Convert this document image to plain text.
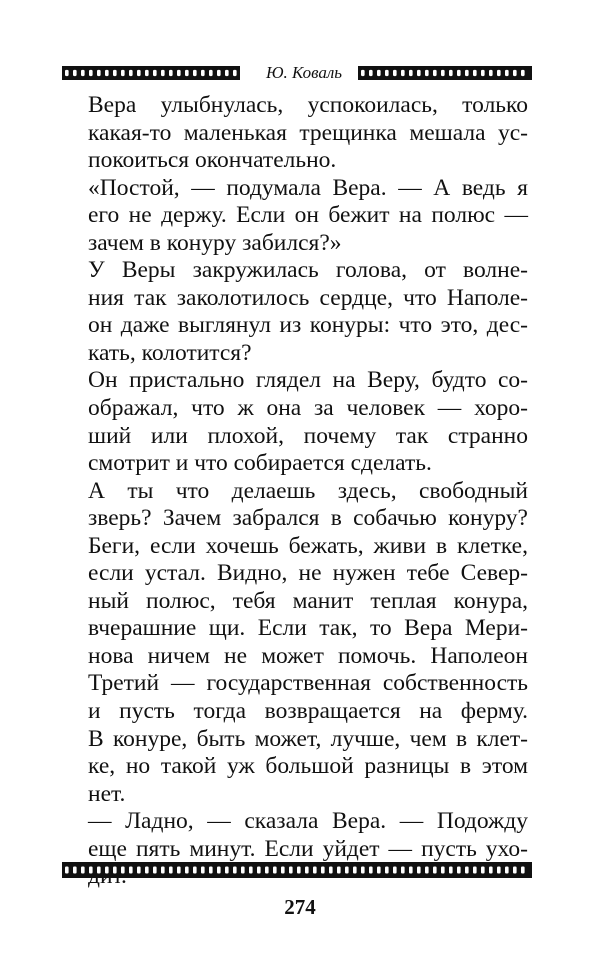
Ю. Коваль
Вера улыбнулась, успокоилась, только
какая-то маленькая трещинка мешала ус-
покоиться окончательно.
«Постой, — подумала Вера. — А ведь я
его не держу. Если он бежит на полюс —
зачем в конуру забился?»
У Веры закружилась голова, от волне-
ния так заколотилось сердце, что Наполе-
он даже выглянул из конуры: что это, дес-
кать, колотится?
Он пристально глядел на Веру, будто со-
ображал, что ж она за человек — хоро-
ший или плохой, почему так странно
смотрит и что собирается сделать.
А ты что делаешь здесь, свободный
зверь? Зачем забрался в собачью конуру?
Беги, если хочешь бежать, живи в клетке,
если устал. Видно, не нужен тебе Север-
ный полюс, тебя манит теплая конура,
вчерашние щи. Если так, то Вера Мери-
нова ничем не может помочь. Наполеон
Третий — государственная собственность
и пусть тогда возвращается на ферму.
В конуре, быть может, лучше, чем в клет-
ке, но такой уж большой разницы в этом
нет.
— Ладно, — сказала Вера. — Подожду
еще пять минут. Если уйдет — пусть ухо-
274
